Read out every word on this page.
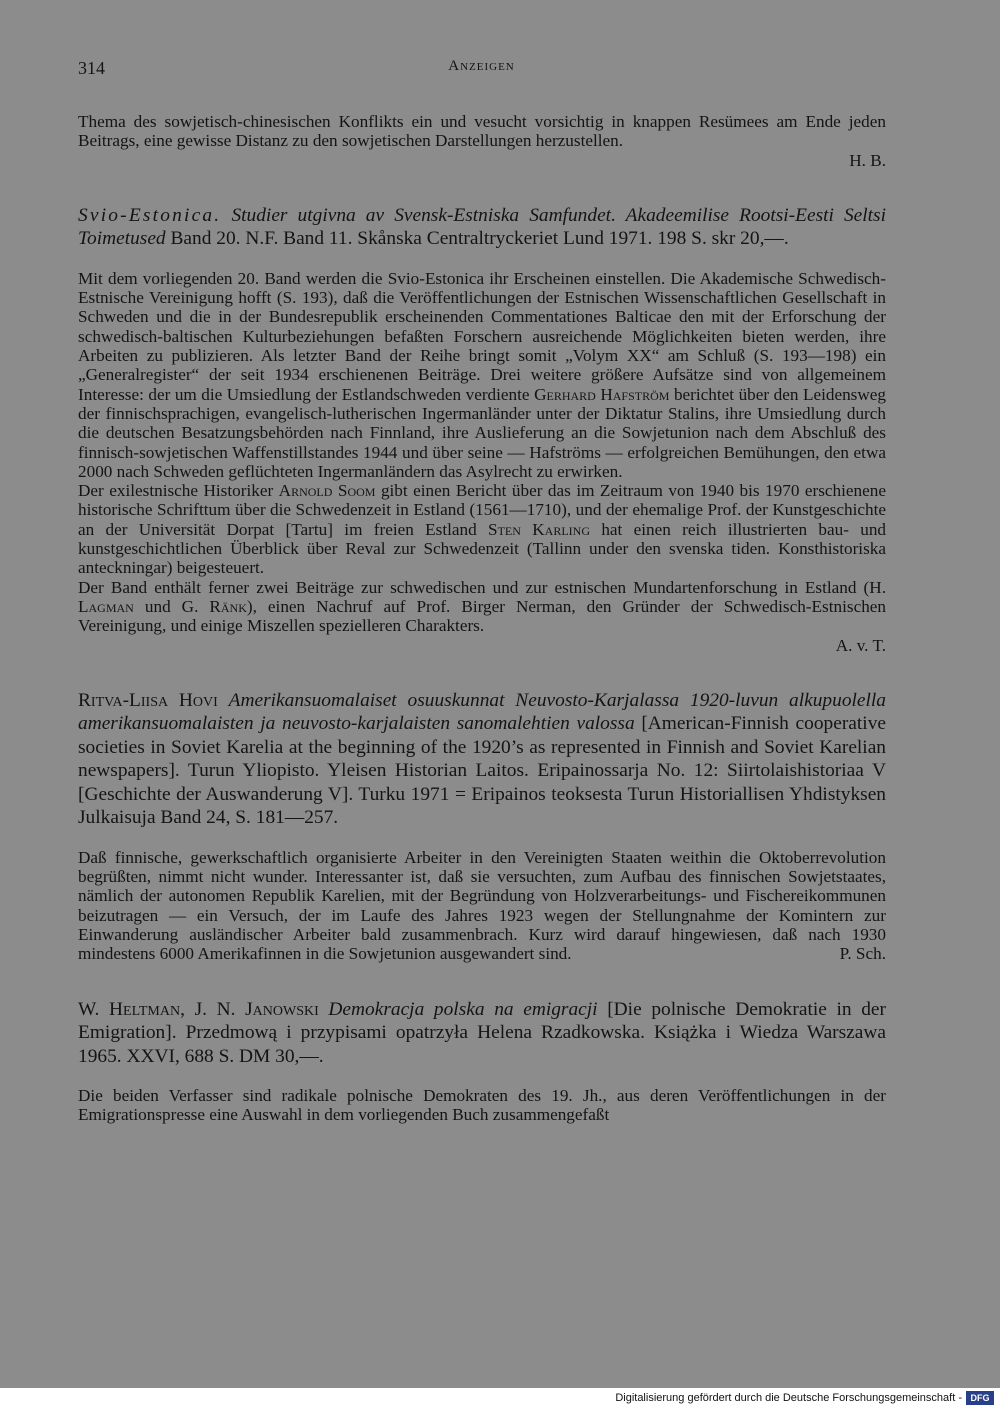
314	Anzeigen

Thema des sowjetisch-chinesischen Konflikts ein und vesucht vorsichtig in knappen Resümees am Ende jeden Beitrags, eine gewisse Distanz zu den sowjetischen Darstellungen herzustellen.

H. B.

Svio-Estonica. Studier utgivna av Svensk-Estniska Samfundet. Akadeemilise Rootsi-Eesti Seltsi Toimetused Band 20. N.F. Band 11. Skånska Centraltryckeriet Lund 1971. 198 S. skr 20,—.

Mit dem vorliegenden 20. Band werden die Svio-Estonica ihr Erscheinen einstellen. Die Akademische Schwedisch-Estnische Vereinigung hofft (S. 193), daß die Veröffentlichungen der Estnischen Wissenschaftlichen Gesellschaft in Schweden und die in der Bundesrepublik erscheinenden Commentationes Balticae den mit der Erforschung der schwedisch-baltischen Kulturbeziehungen befaßten Forschern ausreichende Möglichkeiten bieten werden, ihre Arbeiten zu publizieren. Als letzter Band der Reihe bringt somit „Volym XX“ am Schluß (S. 193—198) ein „Generalregister“ der seit 1934 erschienenen Beiträge. Drei weitere größere Aufsätze sind von allgemeinem Interesse: der um die Umsiedlung der Estlandschweden verdiente Gerhard Hafström berichtet über den Leidensweg der finnischsprachigen, evangelisch-lutherischen Ingermanländer unter der Diktatur Stalins, ihre Umsiedlung durch die deutschen Besatzungsbehörden nach Finnland, ihre Auslieferung an die Sowjetunion nach dem Abschluß des finnisch-sowjetischen Waffenstillstandes 1944 und über seine — Hafströms — erfolgreichen Bemühungen, den etwa 2000 nach Schweden geflüchteten Ingermanländern das Asylrecht zu erwirken.

Der exilestnische Historiker Arnold Soom gibt einen Bericht über das im Zeitraum von 1940 bis 1970 erschienene historische Schrifttum über die Schwedenzeit in Estland (1561—1710), und der ehemalige Prof. der Kunstgeschichte an der Universität Dorpat [Tartu] im freien Estland Sten Karling hat einen reich illustrierten bau- und kunstgeschichtlichen Überblick über Reval zur Schwedenzeit (Tallinn under den svenska tiden. Konsthistoriska anteckningar) beigesteuert.

Der Band enthält ferner zwei Beiträge zur schwedischen und zur estnischen Mundartenforschung in Estland (H. Lagman und G. Ränk), einen Nachruf auf Prof. Birger Nerman, den Gründer der Schwedisch-Estnischen Vereinigung, und einige Miszellen spezielleren Charakters.

A. v. T.

Ritva-Liisa Hovi Amerikansuomalaiset osuuskunnat Neuvosto-Karjalassa 1920-luvun alkupuolella amerikansuomalaisten ja neuvosto-karjalaisten sanomalehtien valossa [American-Finnish cooperative societies in Soviet Karelia at the beginning of the 1920’s as represented in Finnish and Soviet Karelian newspapers]. Turun Yliopisto. Yleisen Historian Laitos. Eripainossarja No. 12: Siirtolaishistoriaa V [Geschichte der Auswanderung V]. Turku 1971 = Eripainos teoksesta Turun Historiallisen Yhdistyksen Julkaisuja Band 24, S. 181—257.

Daß finnische, gewerkschaftlich organisierte Arbeiter in den Vereinigten Staaten weithin die Oktoberrevolution begrüßten, nimmt nicht wunder. Interessanter ist, daß sie versuchten, zum Aufbau des finnischen Sowjetstaates, nämlich der autonomen Republik Karelien, mit der Begründung von Holzverarbeitungs- und Fischereikommunen beizutragen — ein Versuch, der im Laufe des Jahres 1923 wegen der Stellungnahme der Komintern zur Einwanderung ausländischer Arbeiter bald zusammenbrach. Kurz wird darauf hingewiesen, daß nach 1930 mindestens 6000 Amerikafinnen in die Sowjetunion ausgewandert sind.	P. Sch.

W. Heltman, J. N. Janowski Demokracja polska na emigracji [Die polnische Demokratie in der Emigration]. Przedmową i przypisami opatrzyła Helena Rzadkowska. Książka i Wiedza Warszawa 1965. XXVI, 688 S. DM 30,—.

Die beiden Verfasser sind radikale polnische Demokraten des 19. Jh., aus deren Veröffentlichungen in der Emigrationspresse eine Auswahl in dem vorliegenden Buch zusammengefaßt

Digitalisierung gefördert durch die Deutsche Forschungsgemeinschaft - DFG
